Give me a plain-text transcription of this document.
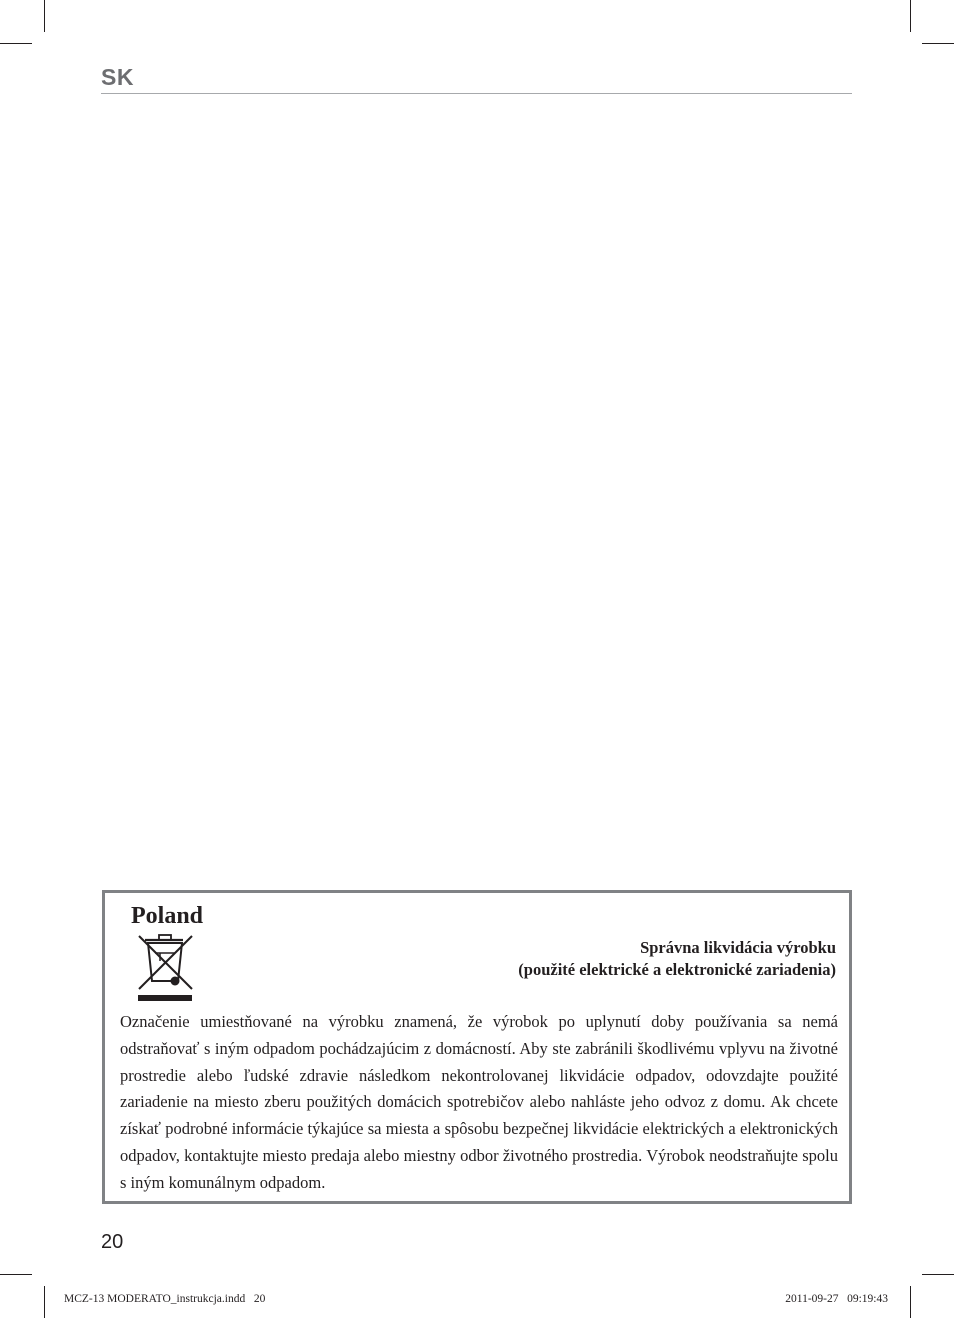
SK
Poland
Správna likvidácia výrobku
(použité elektrické a elektronické zariadenia)
Označenie umiestňované na výrobku znamená, že výrobok po uplynutí doby používania sa nemá odstraňovať s iným odpadom pochádzajúcim z domácností. Aby ste zabránili škodlivému vplyvu na životné prostredie alebo ľudské zdravie následkom nekontrolovanej likvidácie odpadov, odovzdajte použité zariadenie na miesto zberu použitých domácich spotrebičov alebo nahláste jeho odvoz z domu. Ak chcete získať podrobné informácie týkajúce sa miesta a spôsobu bezpečnej likvidácie elektrických a elektronických odpadov, kontaktujte miesto predaja alebo miestny odbor životného prostredia. Výrobok neodstraňujte spolu s iným komunálnym odpadom.
20
MCZ-13 MODERATO_instrukcja.indd   20	2011-09-27   09:19:43
